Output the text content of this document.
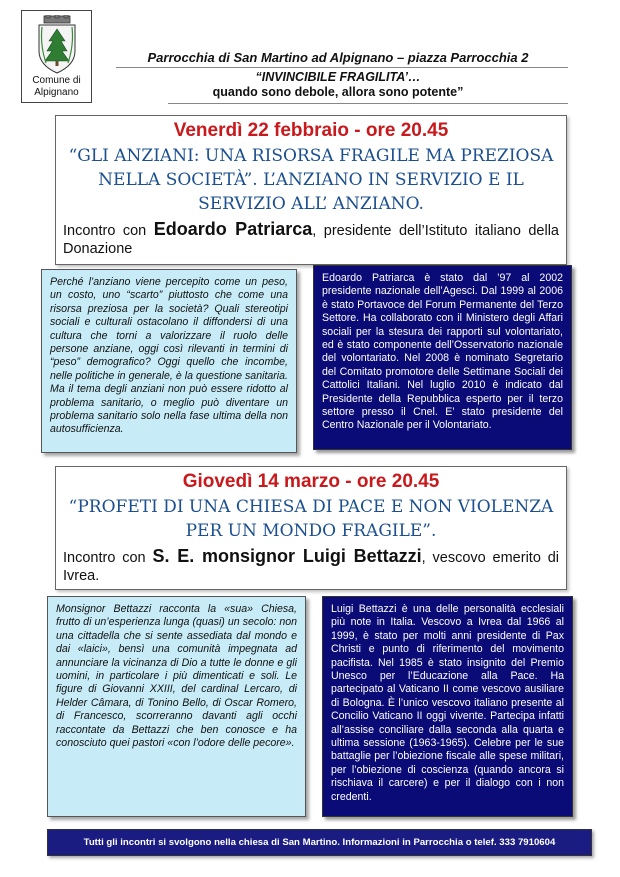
Comune di Alpignano
Parrocchia di San Martino ad Alpignano – piazza Parrocchia 2
“INVINCIBILE FRAGILITA’…
quando sono debole, allora sono potente”
Venerdì 22 febbraio - ore 20.45
“GLI ANZIANI: UNA RISORSA FRAGILE MA PREZIOSA NELLA SOCIETÀ”. L’ANZIANO IN SERVIZIO E IL SERVIZIO ALL’ ANZIANO.
Incontro con Edoardo Patriarca, presidente dell’Istituto italiano della Donazione

Perché l’anziano viene percepito come un peso, un costo, uno “scarto” piuttosto che come una risorsa preziosa per la società? Quali stereotipi sociali e culturali ostacolano il diffondersi di una cultura che torni a valorizzare il ruolo delle persone anziane, oggi così rilevanti in termini di “peso” demografico? Oggi quello che incombe, nelle politiche in generale, è la questione sanitaria. Ma il tema degli anziani non può essere ridotto al problema sanitario, o meglio può diventare un problema sanitario solo nella fase ultima della non autosufficienza.

Edoardo Patriarca è stato dal ’97 al 2002 presidente nazionale dell’Agesci. Dal 1999 al 2006 è stato Portavoce del Forum Permanente del Terzo Settore. Ha collaborato con il Ministero degli Affari sociali per la stesura dei rapporti sul volontariato, ed è stato componente dell’Osservatorio nazionale del volontariato. Nel 2008 è nominato Segretario del Comitato promotore delle Settimane Sociali dei Cattolici Italiani. Nel luglio 2010 è indicato dal Presidente della Repubblica esperto per il terzo settore presso il Cnel. E’ stato presidente del Centro Nazionale per il Volontariato.

Giovedì 14 marzo - ore 20.45
“PROFETI DI UNA CHIESA DI PACE E NON VIOLENZA PER UN MONDO FRAGILE”.
Incontro con S. E. monsignor Luigi Bettazzi, vescovo emerito di Ivrea.

Monsignor Bettazzi racconta la «sua» Chiesa, frutto di un’esperienza lunga (quasi) un secolo: non una cittadella che si sente assediata dal mondo e dai «laici», bensì una comunità impegnata ad annunciare la vicinanza di Dio a tutte le donne e gli uomini, in particolare i più dimenticati e soli. Le figure di Giovanni XXIII, del cardinal Lercaro, di Helder Câmara, di Tonino Bello, di Oscar Romero, di Francesco, scorreranno davanti agli occhi raccontate da Bettazzi che ben conosce e ha conosciuto quei pastori «con l’odore delle pecore».

Luigi Bettazzi è una delle personalità ecclesiali più note in Italia. Vescovo a Ivrea dal 1966 al 1999, è stato per molti anni presidente di Pax Christi e punto di riferimento del movimento pacifista. Nel 1985 è stato insignito del Premio Unesco per l’Educazione alla Pace. Ha partecipato al Vaticano II come vescovo ausiliare di Bologna. È l’unico vescovo italiano presente al Concilio Vaticano II oggi vivente. Partecipa infatti all’assise conciliare dalla seconda alla quarta e ultima sessione (1963-1965). Celebre per le sue battaglie per l’obiezione fiscale alle spese militari, per l’obiezione di coscienza (quando ancora si rischiava il carcere) e per il dialogo con i non credenti.

Tutti gli incontri si svolgono nella chiesa di San Martino. Informazioni in Parrocchia o telef. 333 7910604
